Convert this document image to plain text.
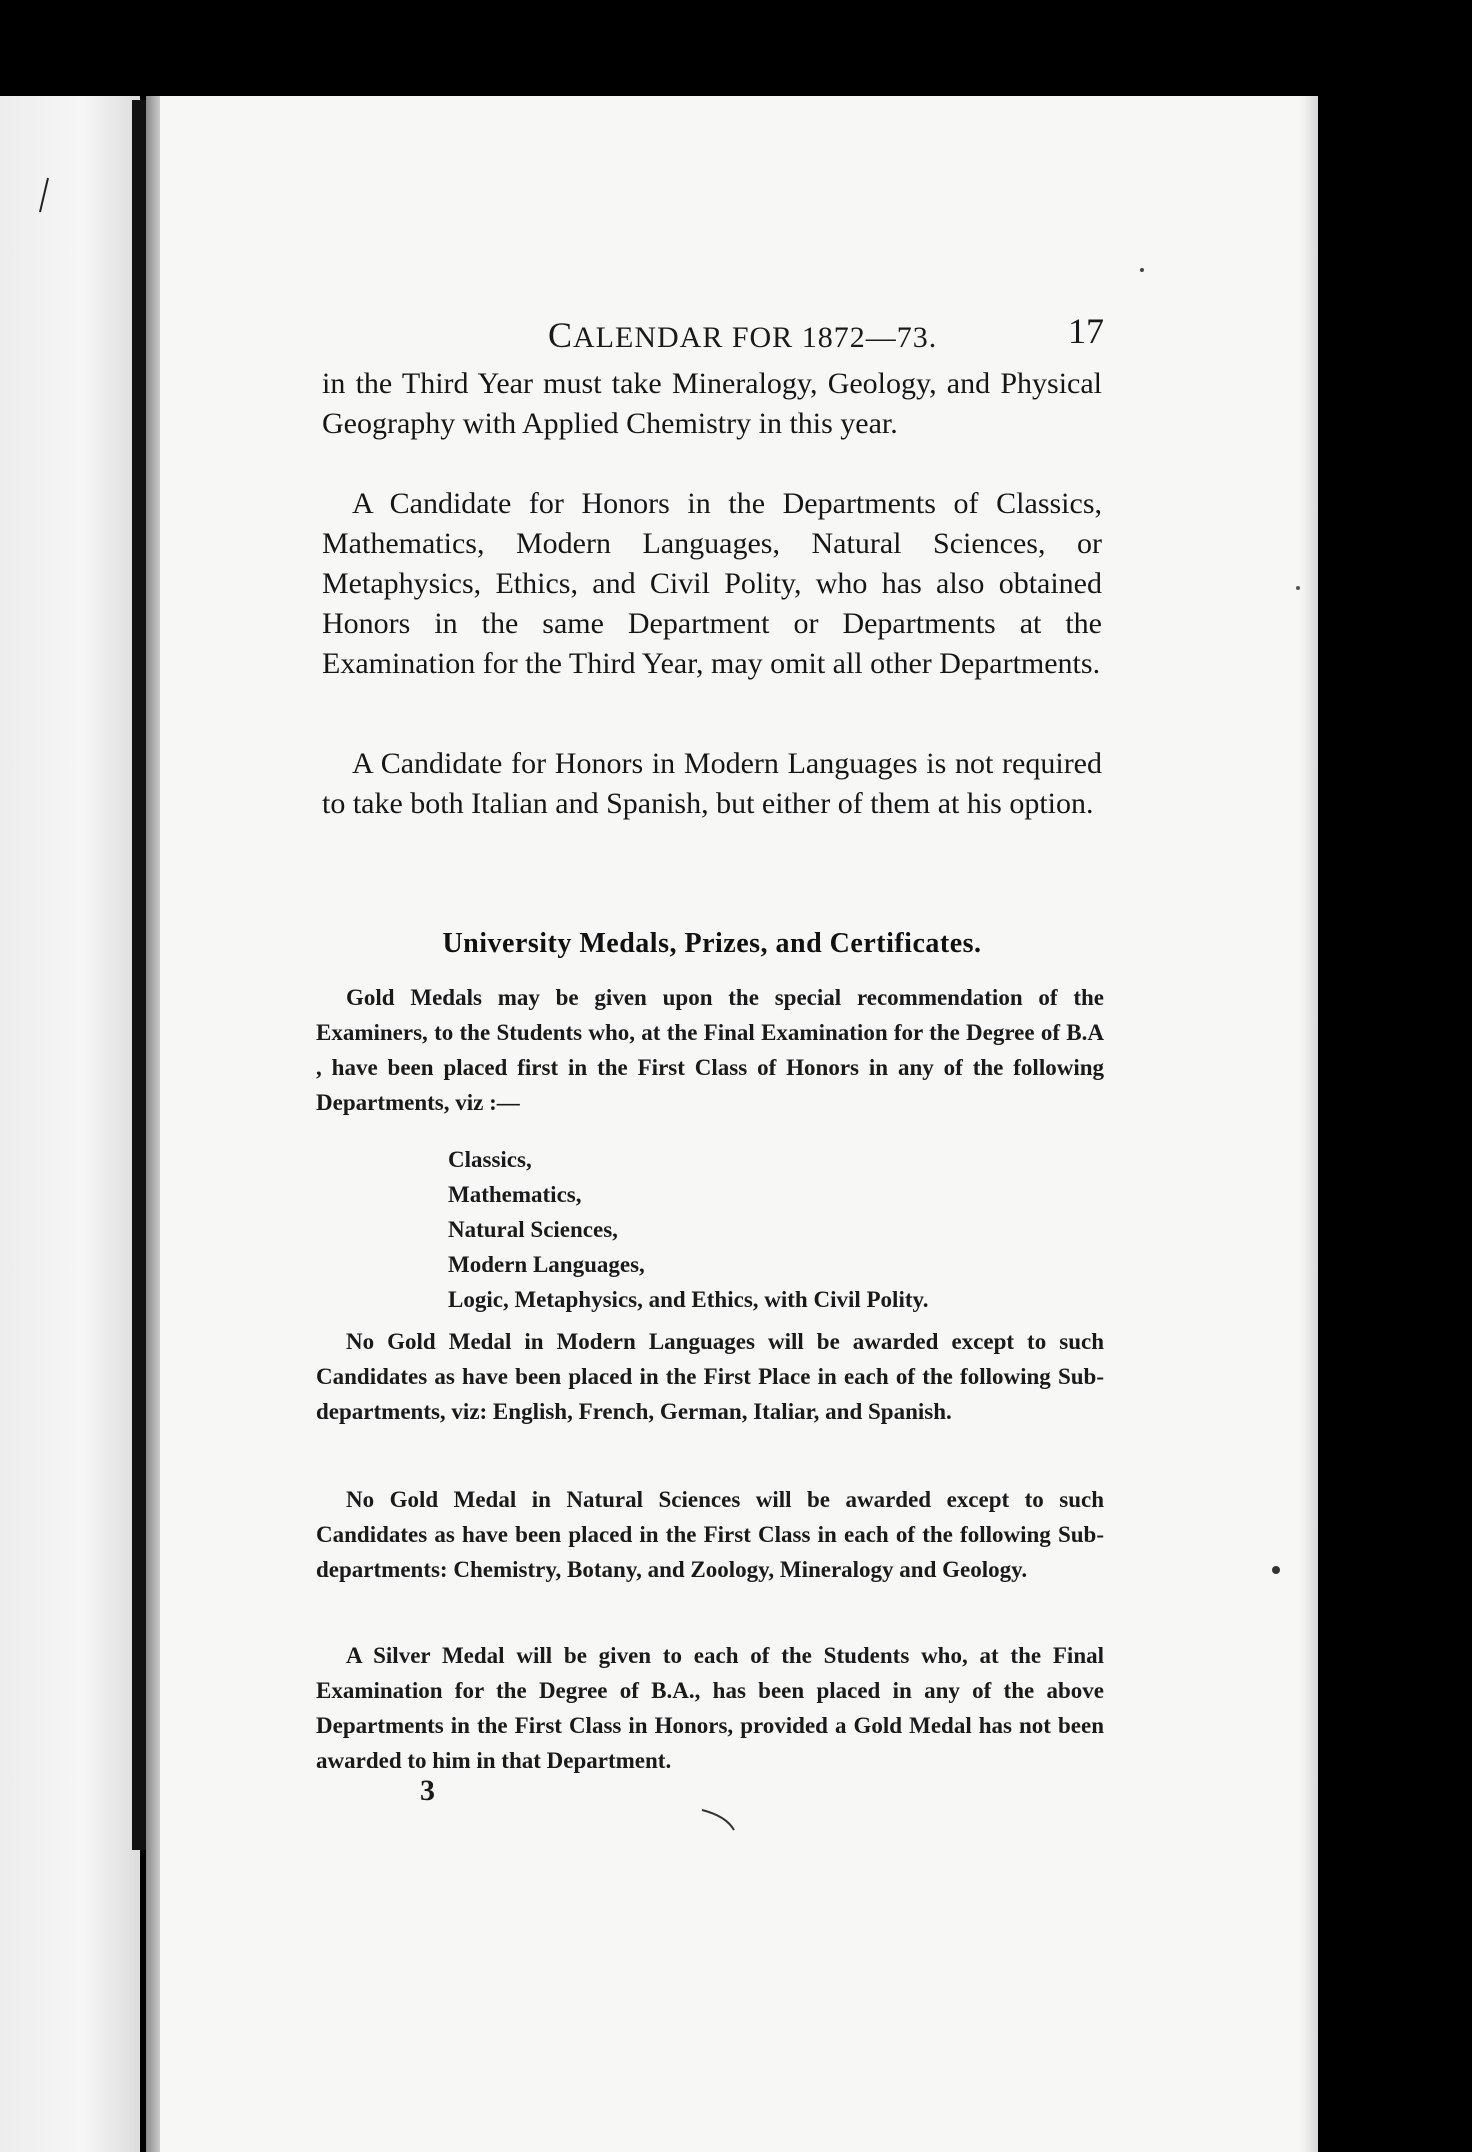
CALENDAR FOR 1872—73.	17

in the Third Year must take Mineralogy, Geology, and Physical Geography with Applied Chemistry in this year.

A Candidate for Honors in the Departments of Classics, Mathematics, Modern Languages, Natural Sciences, or Metaphysics, Ethics, and Civil Polity, who has also obtained Honors in the same Department or Departments at the Examination for the Third Year, may omit all other Departments.

A Candidate for Honors in Modern Languages is not required to take both Italian and Spanish, but either of them at his option.

University Medals, Prizes, and Certificates.

Gold Medals may be given upon the special recommendation of the Examiners, to the Students who, at the Final Examination for the Degree of B.A , have been placed first in the First Class of Honors in any of the following Departments, viz :—

Classics,
Mathematics,
Natural Sciences,
Modern Languages,
Logic, Metaphysics, and Ethics, with Civil Polity.

No Gold Medal in Modern Languages will be awarded except to such Candidates as have been placed in the First Place in each of the following Sub-departments, viz: English, French, German, Italiar, and Spanish.

No Gold Medal in Natural Sciences will be awarded except to such Candidates as have been placed in the First Class in each of the following Sub-departments: Chemistry, Botany, and Zoology, Mineralogy and Geology.

A Silver Medal will be given to each of the Students who, at the Final Examination for the Degree of B.A., has been placed in any of the above Departments in the First Class in Honors, provided a Gold Medal has not been awarded to him in that Department.

3
